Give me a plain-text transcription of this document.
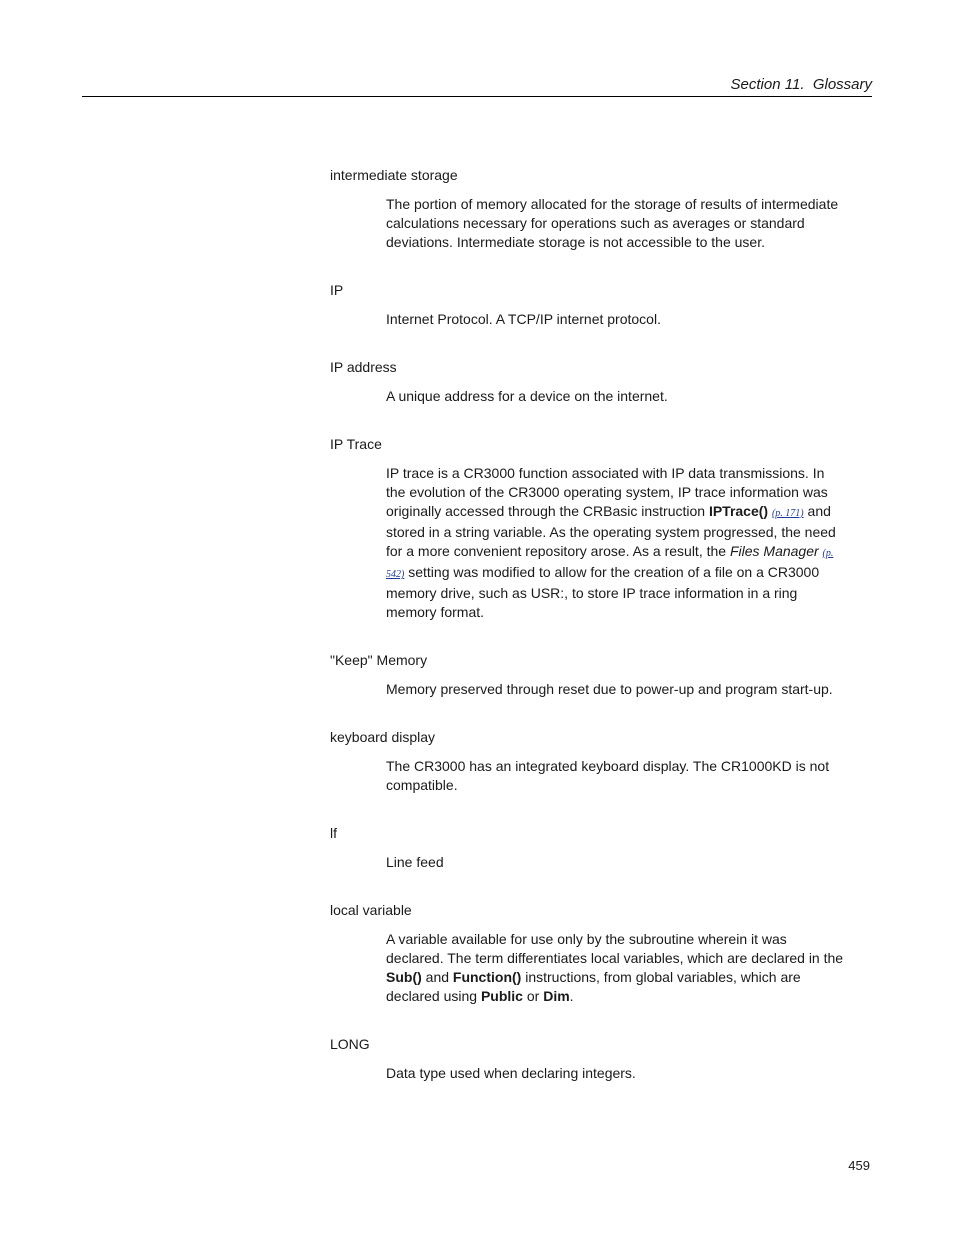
Section 11.  Glossary

intermediate storage

The portion of memory allocated for the storage of results of intermediate calculations necessary for operations such as averages or standard deviations. Intermediate storage is not accessible to the user.

IP

Internet Protocol. A TCP/IP internet protocol.

IP address

A unique address for a device on the internet.

IP Trace

IP trace is a CR3000 function associated with IP data transmissions. In the evolution of the CR3000 operating system, IP trace information was originally accessed through the CRBasic instruction IPTrace() (p. 171) and stored in a string variable. As the operating system progressed, the need for a more convenient repository arose. As a result, the Files Manager (p. 542) setting was modified to allow for the creation of a file on a CR3000 memory drive, such as USR:, to store IP trace information in a ring memory format.

"Keep" Memory

Memory preserved through reset due to power-up and program start-up.

keyboard display

The CR3000 has an integrated keyboard display. The CR1000KD is not compatible.

lf

Line feed

local variable

A variable available for use only by the subroutine wherein it was declared. The term differentiates local variables, which are declared in the Sub() and Function() instructions, from global variables, which are declared using Public or Dim.

LONG

Data type used when declaring integers.

459
